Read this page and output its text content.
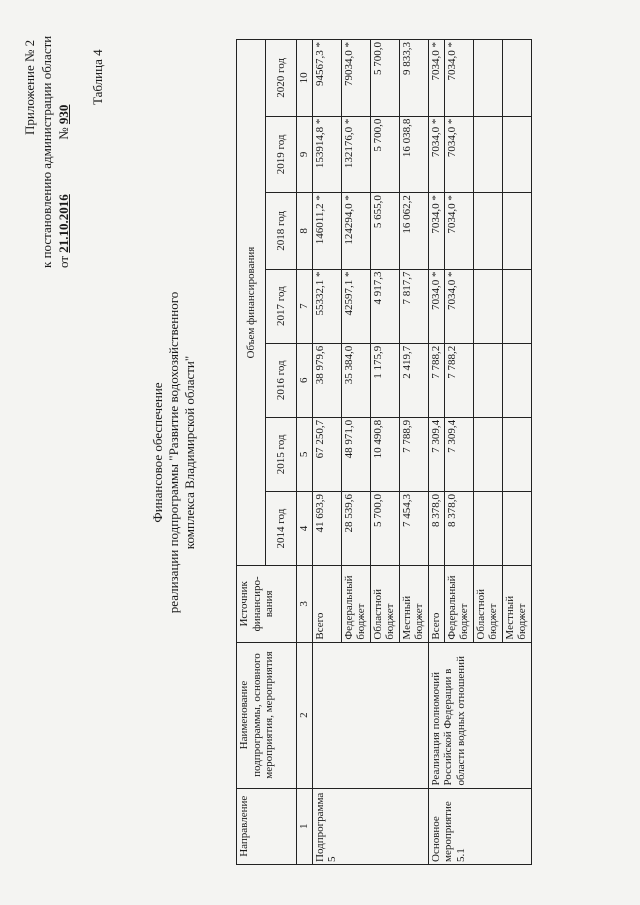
Приложение № 2 к постановлению администрации области от 21.10.2016  № 930
Таблица 4
Финансовое обеспечение реализации подпрограммы "Развитие водохозяйственного комплекса Владимирской области"
Направление	Наименование подпрограммы, основного мероприятия, мероприятия	Источник финансиро-вания	Объем финансирования						
			2014 год	2015 год	2016 год	2017 год	2018 год	2019 год	2020 год
1	2	3	4	5	6	7	8	9	10
Подпрограмма 5		Всего	41 693,9	67 250,7	38 979,6	55332,1 *	146011,2 *	153914,8 *	94567,3 *
		Федеральный бюджет	28 539,6	48 971,0	35 384,0	42597,1 *	124294,0 *	132176,0 *	79034,0 *
		Областной бюджет	5 700,0	10 490,8	1 175,9	4 917,3	5 655,0	5 700,0	5 700,0
		Местный бюджет	7 454,3	7 788,9	2 419,7	7 817,7	16 062,2	16 038,8	9 833,3
Основное мероприятие 5.1	Реализация полномочий Российской Федерации в области водных отношений	Всего	8 378,0	7 309,4	7 788,2	7034,0 *	7034,0 *	7034,0 *	7034,0 *
		Федеральный бюджет	8 378,0	7 309,4	7 788,2	7034,0 *	7034,0 *	7034,0 *	7034,0 *
		Областной бюджет							
		Местный бюджет							
